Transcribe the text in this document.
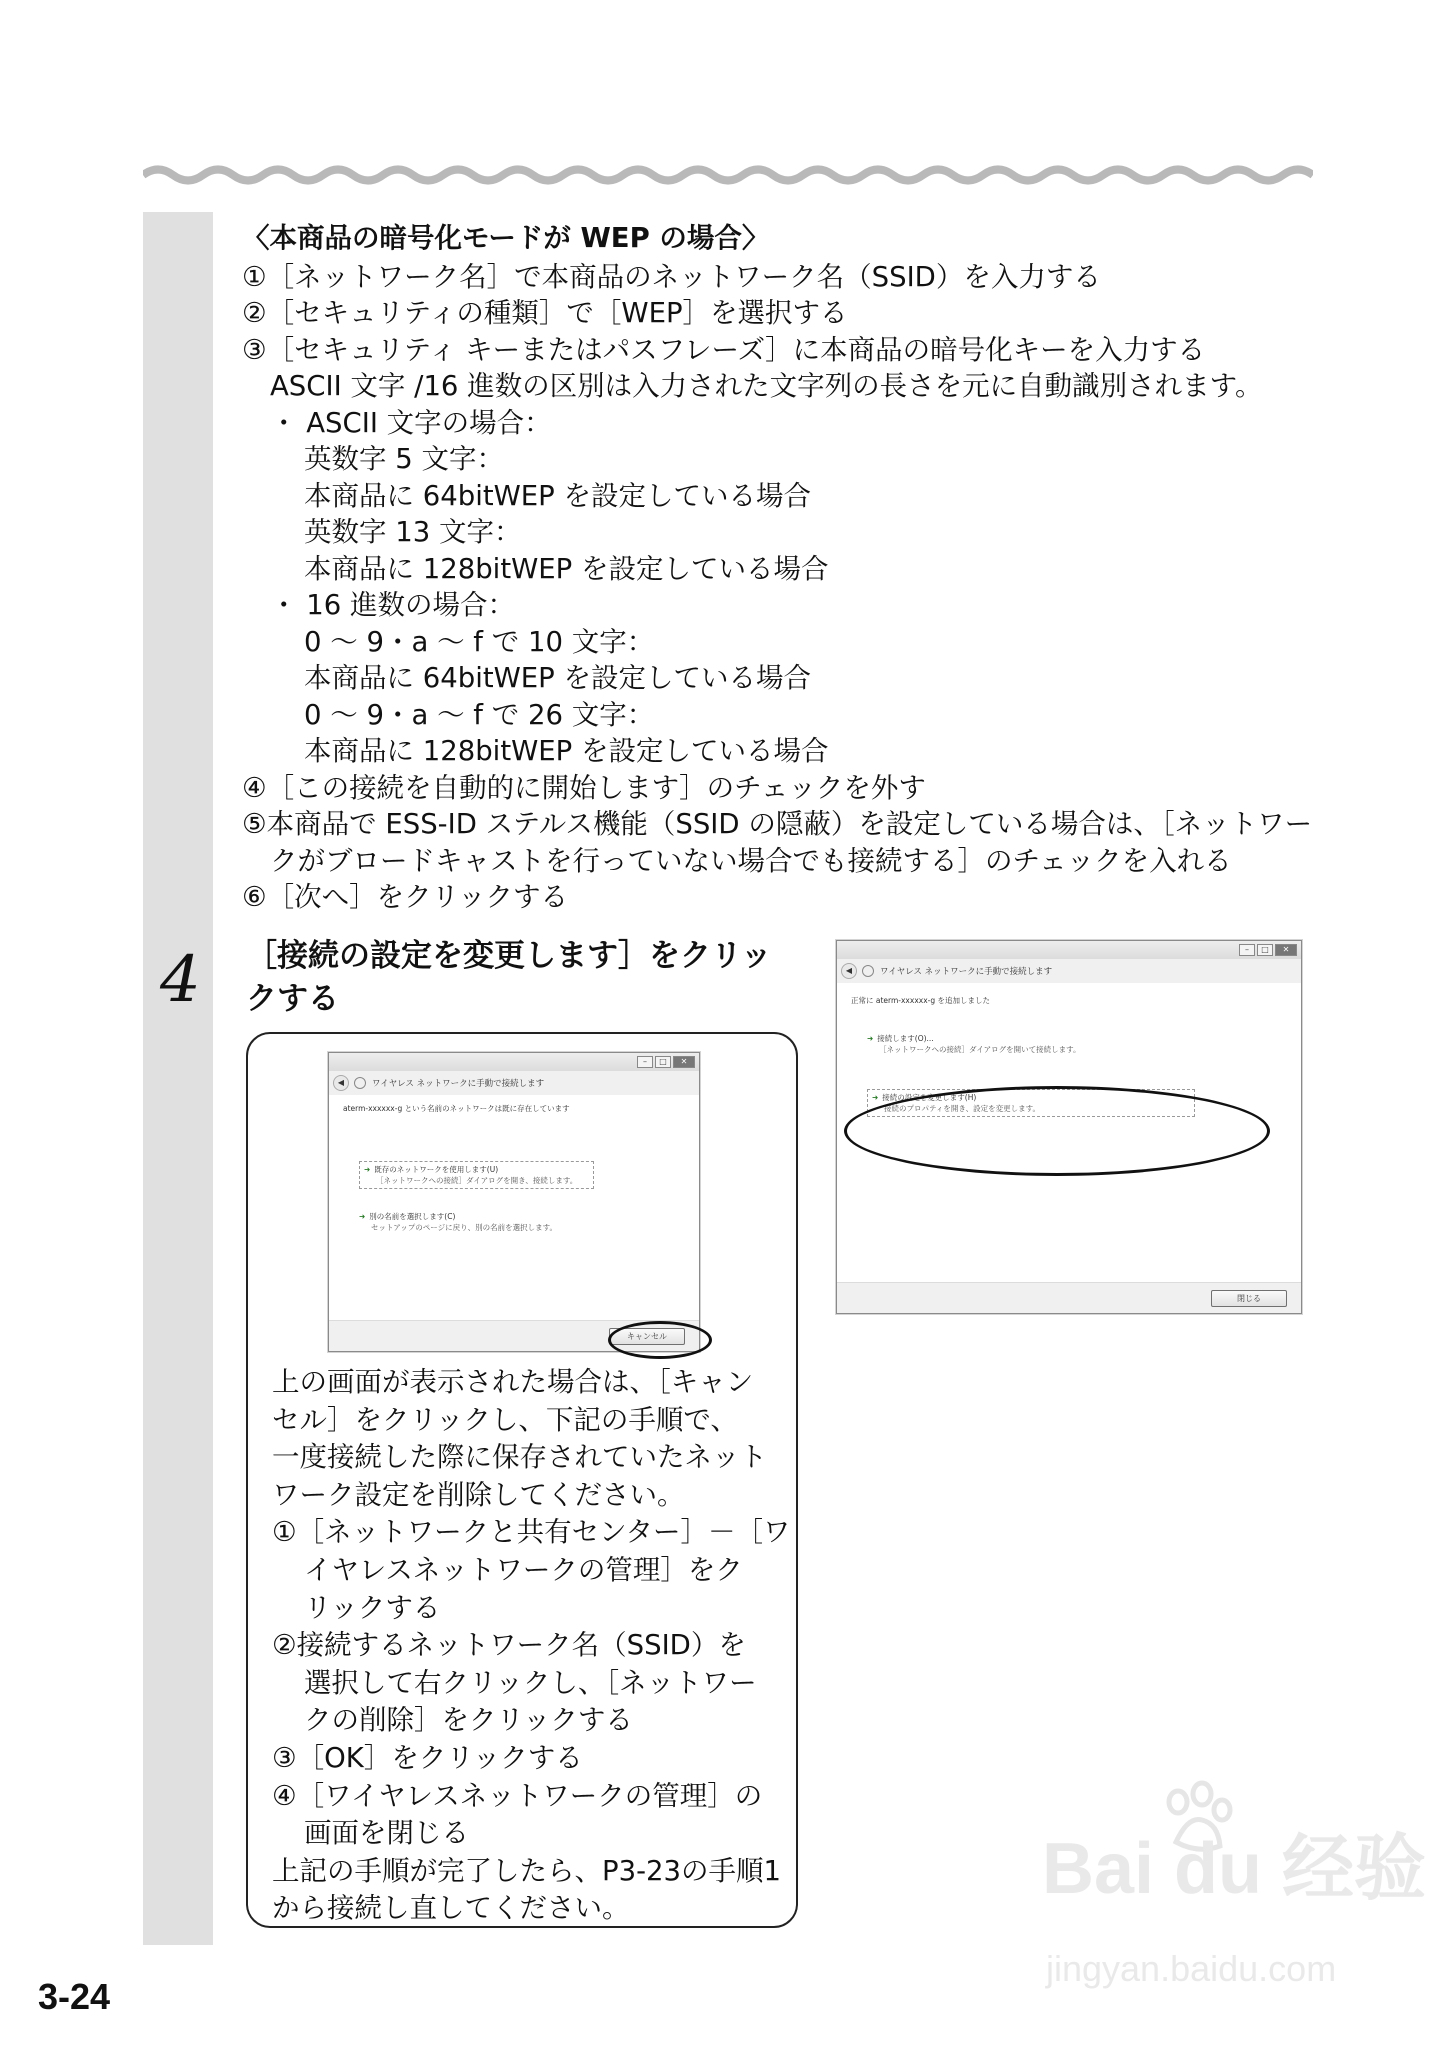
〈本商品の暗号化モードが WEP の場合〉
①［ネットワーク名］で本商品のネットワーク名（SSID）を入力する
②［セキュリティの種類］で［WEP］を選択する
③［セキュリティ キーまたはパスフレーズ］に本商品の暗号化キーを入力する
ASCII 文字 /16 進数の区別は入力された文字列の長さを元に自動識別されます。
・ ASCII 文字の場合：
英数字 5 文字：
本商品に 64bitWEP を設定している場合
英数字 13 文字：
本商品に 128bitWEP を設定している場合
・ 16 進数の場合：
0 ～ 9・a ～ f で 10 文字：
本商品に 64bitWEP を設定している場合
0 ～ 9・a ～ f で 26 文字：
本商品に 128bitWEP を設定している場合
④［この接続を自動的に開始します］のチェックを外す
⑤本商品で ESS-ID ステルス機能（SSID の隠蔽）を設定している場合は、［ネットワー
クがブロードキャストを行っていない場合でも接続する］のチェックを入れる
⑥［次へ］をクリックする
4 ［接続の設定を変更します］をクリッ
クする
–	□	✕
◀	ワイヤレス ネットワークに手動で接続します
aterm-xxxxxx-g という名前のネットワークは既に存在しています
➜ 既存のネットワークを使用します(U)
［ネットワークへの接続］ダイアログを開き、接続します。
➜ 別の名前を選択します(C)
セットアップのページに戻り、別の名前を選択します。
キャンセル
–	□	✕
◀	ワイヤレス ネットワークに手動で接続します
正常に aterm-xxxxxx-g を追加しました
➜ 接続します(O)...
［ネットワークへの接続］ダイアログを開いて接続します。
➜ 接続の設定を変更します(H)
接続のプロパティを開き、設定を変更します。
閉じる
上の画面が表示された場合は、［キャン
セル］をクリックし、下記の手順で、
一度接続した際に保存されていたネット
ワーク設定を削除してください。
①［ネットワークと共有センター］－［ワ
イヤレスネットワークの管理］をク
リックする
②接続するネットワーク名（SSID）を
選択して右クリックし、［ネットワー
クの削除］をクリックする
③［OK］をクリックする
④［ワイヤレスネットワークの管理］の
画面を閉じる
上記の手順が完了したら、P3-23の手順1
から接続し直してください。
3-24
Bai du 经验
jingyan.baidu.com
